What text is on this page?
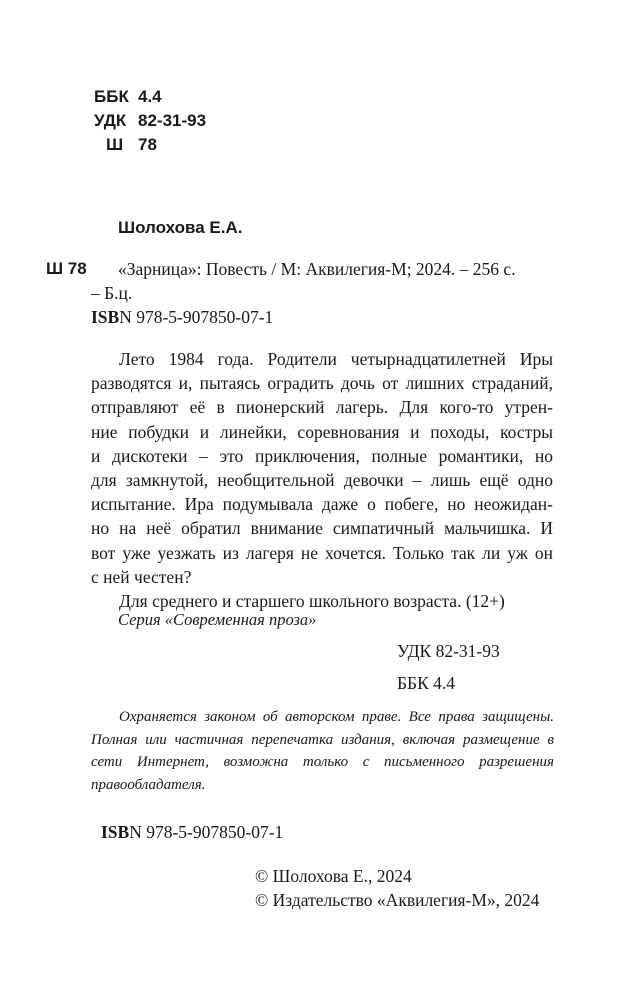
ББК 4.4
УДК 82-31-93
Ш 78
Шолохова Е.А.
Ш 78 «Зарница»: Повесть / М: Аквилегия-М; 2024. – 256 с.
– Б.ц.
ISBN 978-5-907850-07-1
Лето 1984 года. Родители четырнадцатилетней Иры
разводятся и, пытаясь оградить дочь от лишних страданий,
отправляют её в пионерский лагерь. Для кого-то утрен-
ние побудки и линейки, соревнования и походы, костры
и дискотеки – это приключения, полные романтики, но
для замкнутой, необщительной девочки – лишь ещё одно
испытание. Ира подумывала даже о побеге, но неожидан-
но на неё обратил внимание симпатичный мальчишка. И
вот уже уезжать из лагеря не хочется. Только так ли уж он
с ней честен?
Для среднего и старшего школьного возраста. (12+)
Серия «Современная проза»
УДК 82-31-93
ББК 4.4
Охраняется законом об авторском праве. Все права защищены. Полная или частичная перепечатка издания, включая размещение в сети Интернет, возможна только с письменного разрешения правообладателя.
ISBN 978-5-907850-07-1
© Шолохова Е., 2024
© Издательство «Аквилегия-М», 2024
